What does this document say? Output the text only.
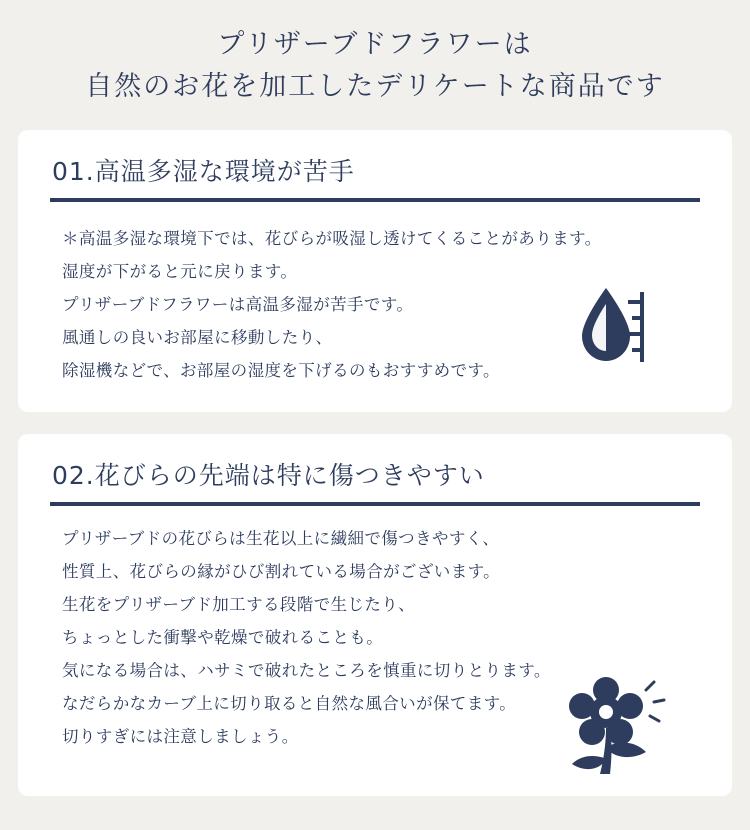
プリザーブドフラワーは
自然のお花を加工したデリケートな商品です
01.高温多湿な環境が苦手
＊高温多湿な環境下では、花びらが吸湿し透けてくることがあります。
湿度が下がると元に戻ります。
プリザーブドフラワーは高温多湿が苦手です。
風通しの良いお部屋に移動したり、
除湿機などで、お部屋の湿度を下げるのもおすすめです。
02.花びらの先端は特に傷つきやすい
プリザーブドの花びらは生花以上に繊細で傷つきやすく、
性質上、花びらの縁がひび割れている場合がございます。
生花をプリザーブド加工する段階で生じたり、
ちょっとした衝撃や乾燥で破れることも。
気になる場合は、ハサミで破れたところを慎重に切りとります。
なだらかなカーブ上に切り取ると自然な風合いが保てます。
切りすぎには注意しましょう。
